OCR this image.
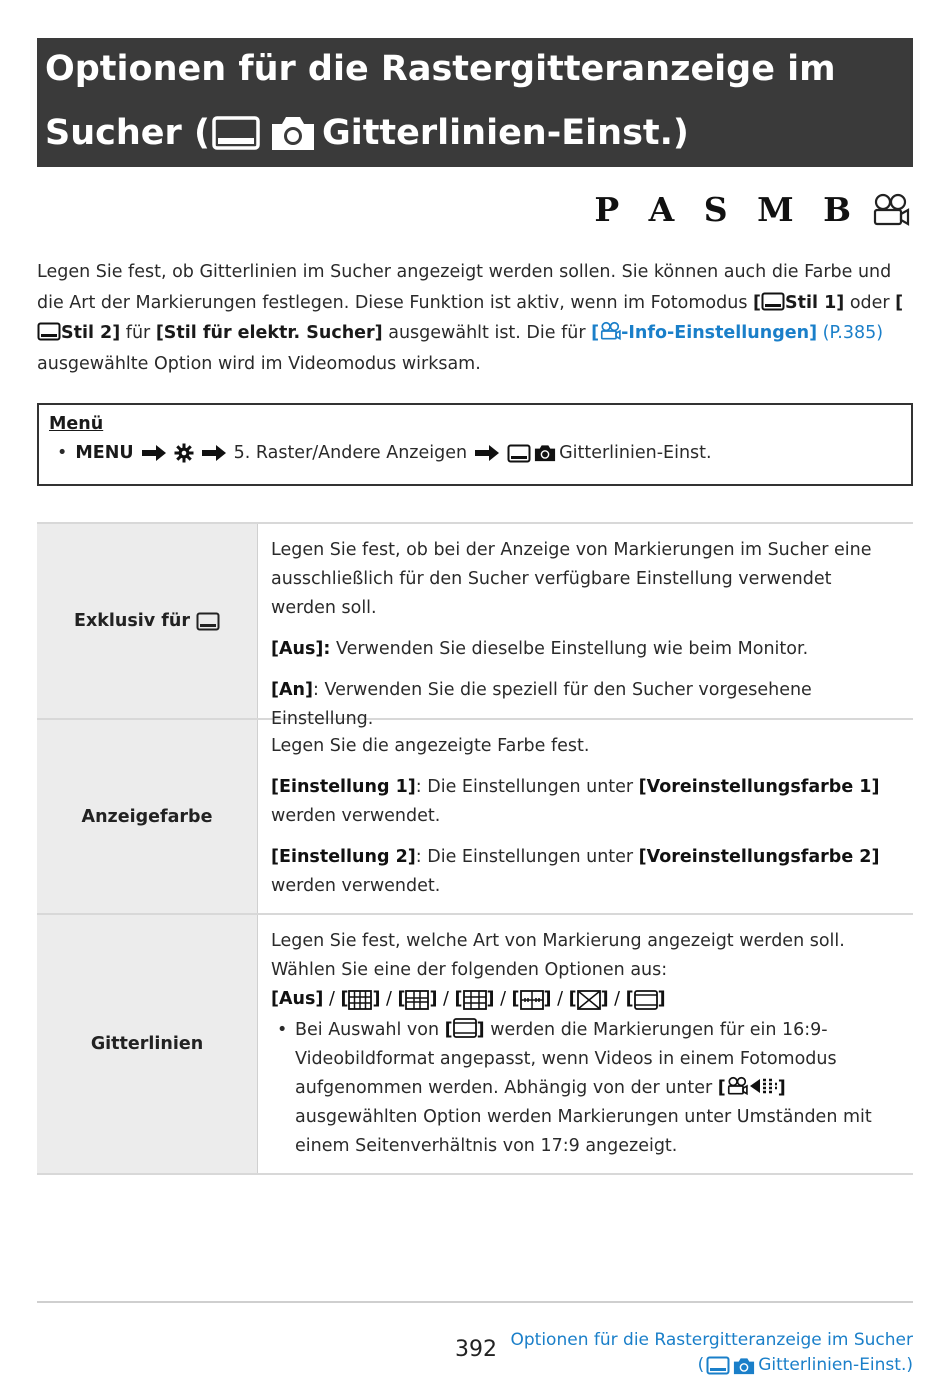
Optionen für die Rastergitteranzeige im
Sucher (	Gitterlinien-Einst.)
P A S M B
Legen Sie fest, ob Gitterlinien im Sucher angezeigt werden sollen. Sie können auch die Farbe und die Art der Markierungen festlegen. Diese Funktion ist aktiv, wenn im Fotomodus [ Stil 1] oder [Stil 2] für [Stil für elektr. Sucher] ausgewählt ist. Die für [ -Info-Einstellungen] (P.385) ausgewählte Option wird im Videomodus wirksam.
Menü
• MENU	5. Raster/Andere Anzeigen	Gitterlinien-Einst.
Exklusiv für

Legen Sie fest, ob bei der Anzeige von Markierungen im Sucher eine ausschließlich für den Sucher verfügbare Einstellung verwendet werden soll.

[Aus]: Verwenden Sie dieselbe Einstellung wie beim Monitor.

[An]: Verwenden Sie die speziell für den Sucher vorgesehene Einstellung.

Anzeigefarbe

Legen Sie die angezeigte Farbe fest.

[Einstellung 1]: Die Einstellungen unter [Voreinstellungsfarbe 1] werden verwendet.

[Einstellung 2]: Die Einstellungen unter [Voreinstellungsfarbe 2] werden verwendet.

Gitterlinien

Legen Sie fest, welche Art von Markierung angezeigt werden soll. Wählen Sie eine der folgenden Optionen aus:

[Aus] / [ ] / [ ] / [ ] / [ ] / [ ] / [ ]
• Bei Auswahl von [ ] werden die Markierungen für ein 16:9-Videobildformat angepasst, wenn Videos in einem Fotomodus aufgenommen werden. Abhängig von der unter [	] ausgewählten Option werden Markierungen unter Umständen mit einem Seitenverhältnis von 17:9 angezeigt.
392 Optionen für die Rastergitteranzeige im Sucher
(	Gitterlinien-Einst.)
